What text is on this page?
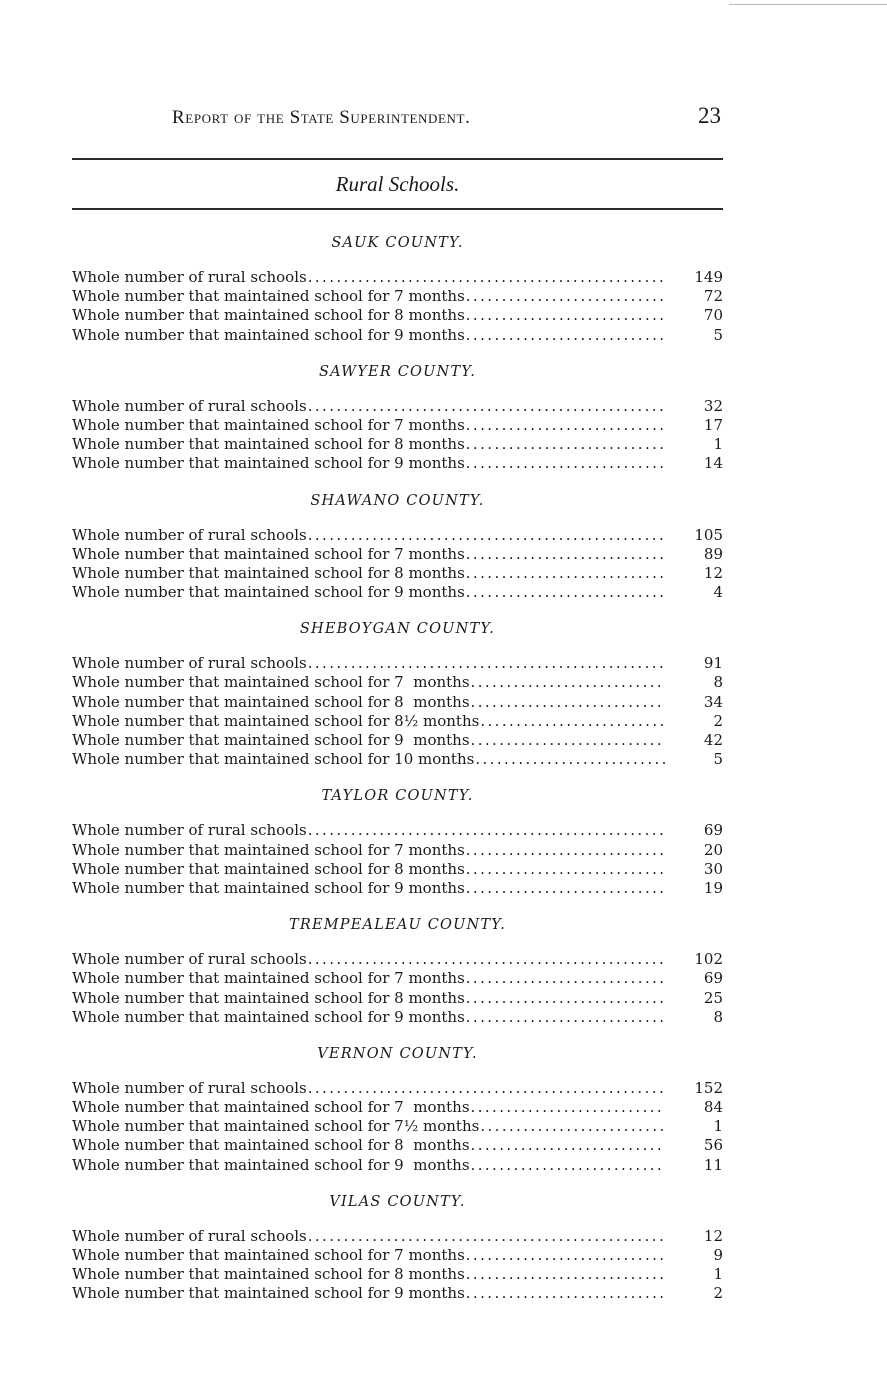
Report of the State Superintendent.	23
Rural Schools.
SAUK COUNTY.
Whole number of rural schools .....	149
Whole number that maintained school for 7 months .....	72
Whole number that maintained school for 8 months .....	70
Whole number that maintained school for 9 months .....	5
SAWYER COUNTY.
Whole number of rural schools .....	32
Whole number that maintained school for 7 months .....	17
Whole number that maintained school for 8 months .....	1
Whole number that maintained school for 9 months .....	14
SHAWANO COUNTY.
Whole number of rural schools .....	105
Whole number that maintained school for 7 months .....	89
Whole number that maintained school for 8 months .....	12
Whole number that maintained school for 9 months .....	4
SHEBOYGAN COUNTY.
Whole number of rural schools .....	91
Whole number that maintained school for 7  months .....	8
Whole number that maintained school for 8  months .....	34
Whole number that maintained school for 8½ months .....	2
Whole number that maintained school for 9  months .....	42
Whole number that maintained school for 10 months .....	5
TAYLOR COUNTY.
Whole number of rural schools .....	69
Whole number that maintained school for 7 months .....	20
Whole number that maintained school for 8 months .....	30
Whole number that maintained school for 9 months .....	19
TREMPEALEAU COUNTY.
Whole number of rural schools .....	102
Whole number that maintained school for 7 months .....	69
Whole number that maintained school for 8 months .....	25
Whole number that maintained school for 9 months .....	8
VERNON COUNTY.
Whole number of rural schools .....	152
Whole number that maintained school for 7  months .....	84
Whole number that maintained school for 7½ months .....	1
Whole number that maintained school for 8  months .....	56
Whole number that maintained school for 9  months .....	11
VILAS COUNTY.
Whole number of rural schools .....	12
Whole number that maintained school for 7 months .....	9
Whole number that maintained school for 8 months .....	1
Whole number that maintained school for 9 months .....	2
